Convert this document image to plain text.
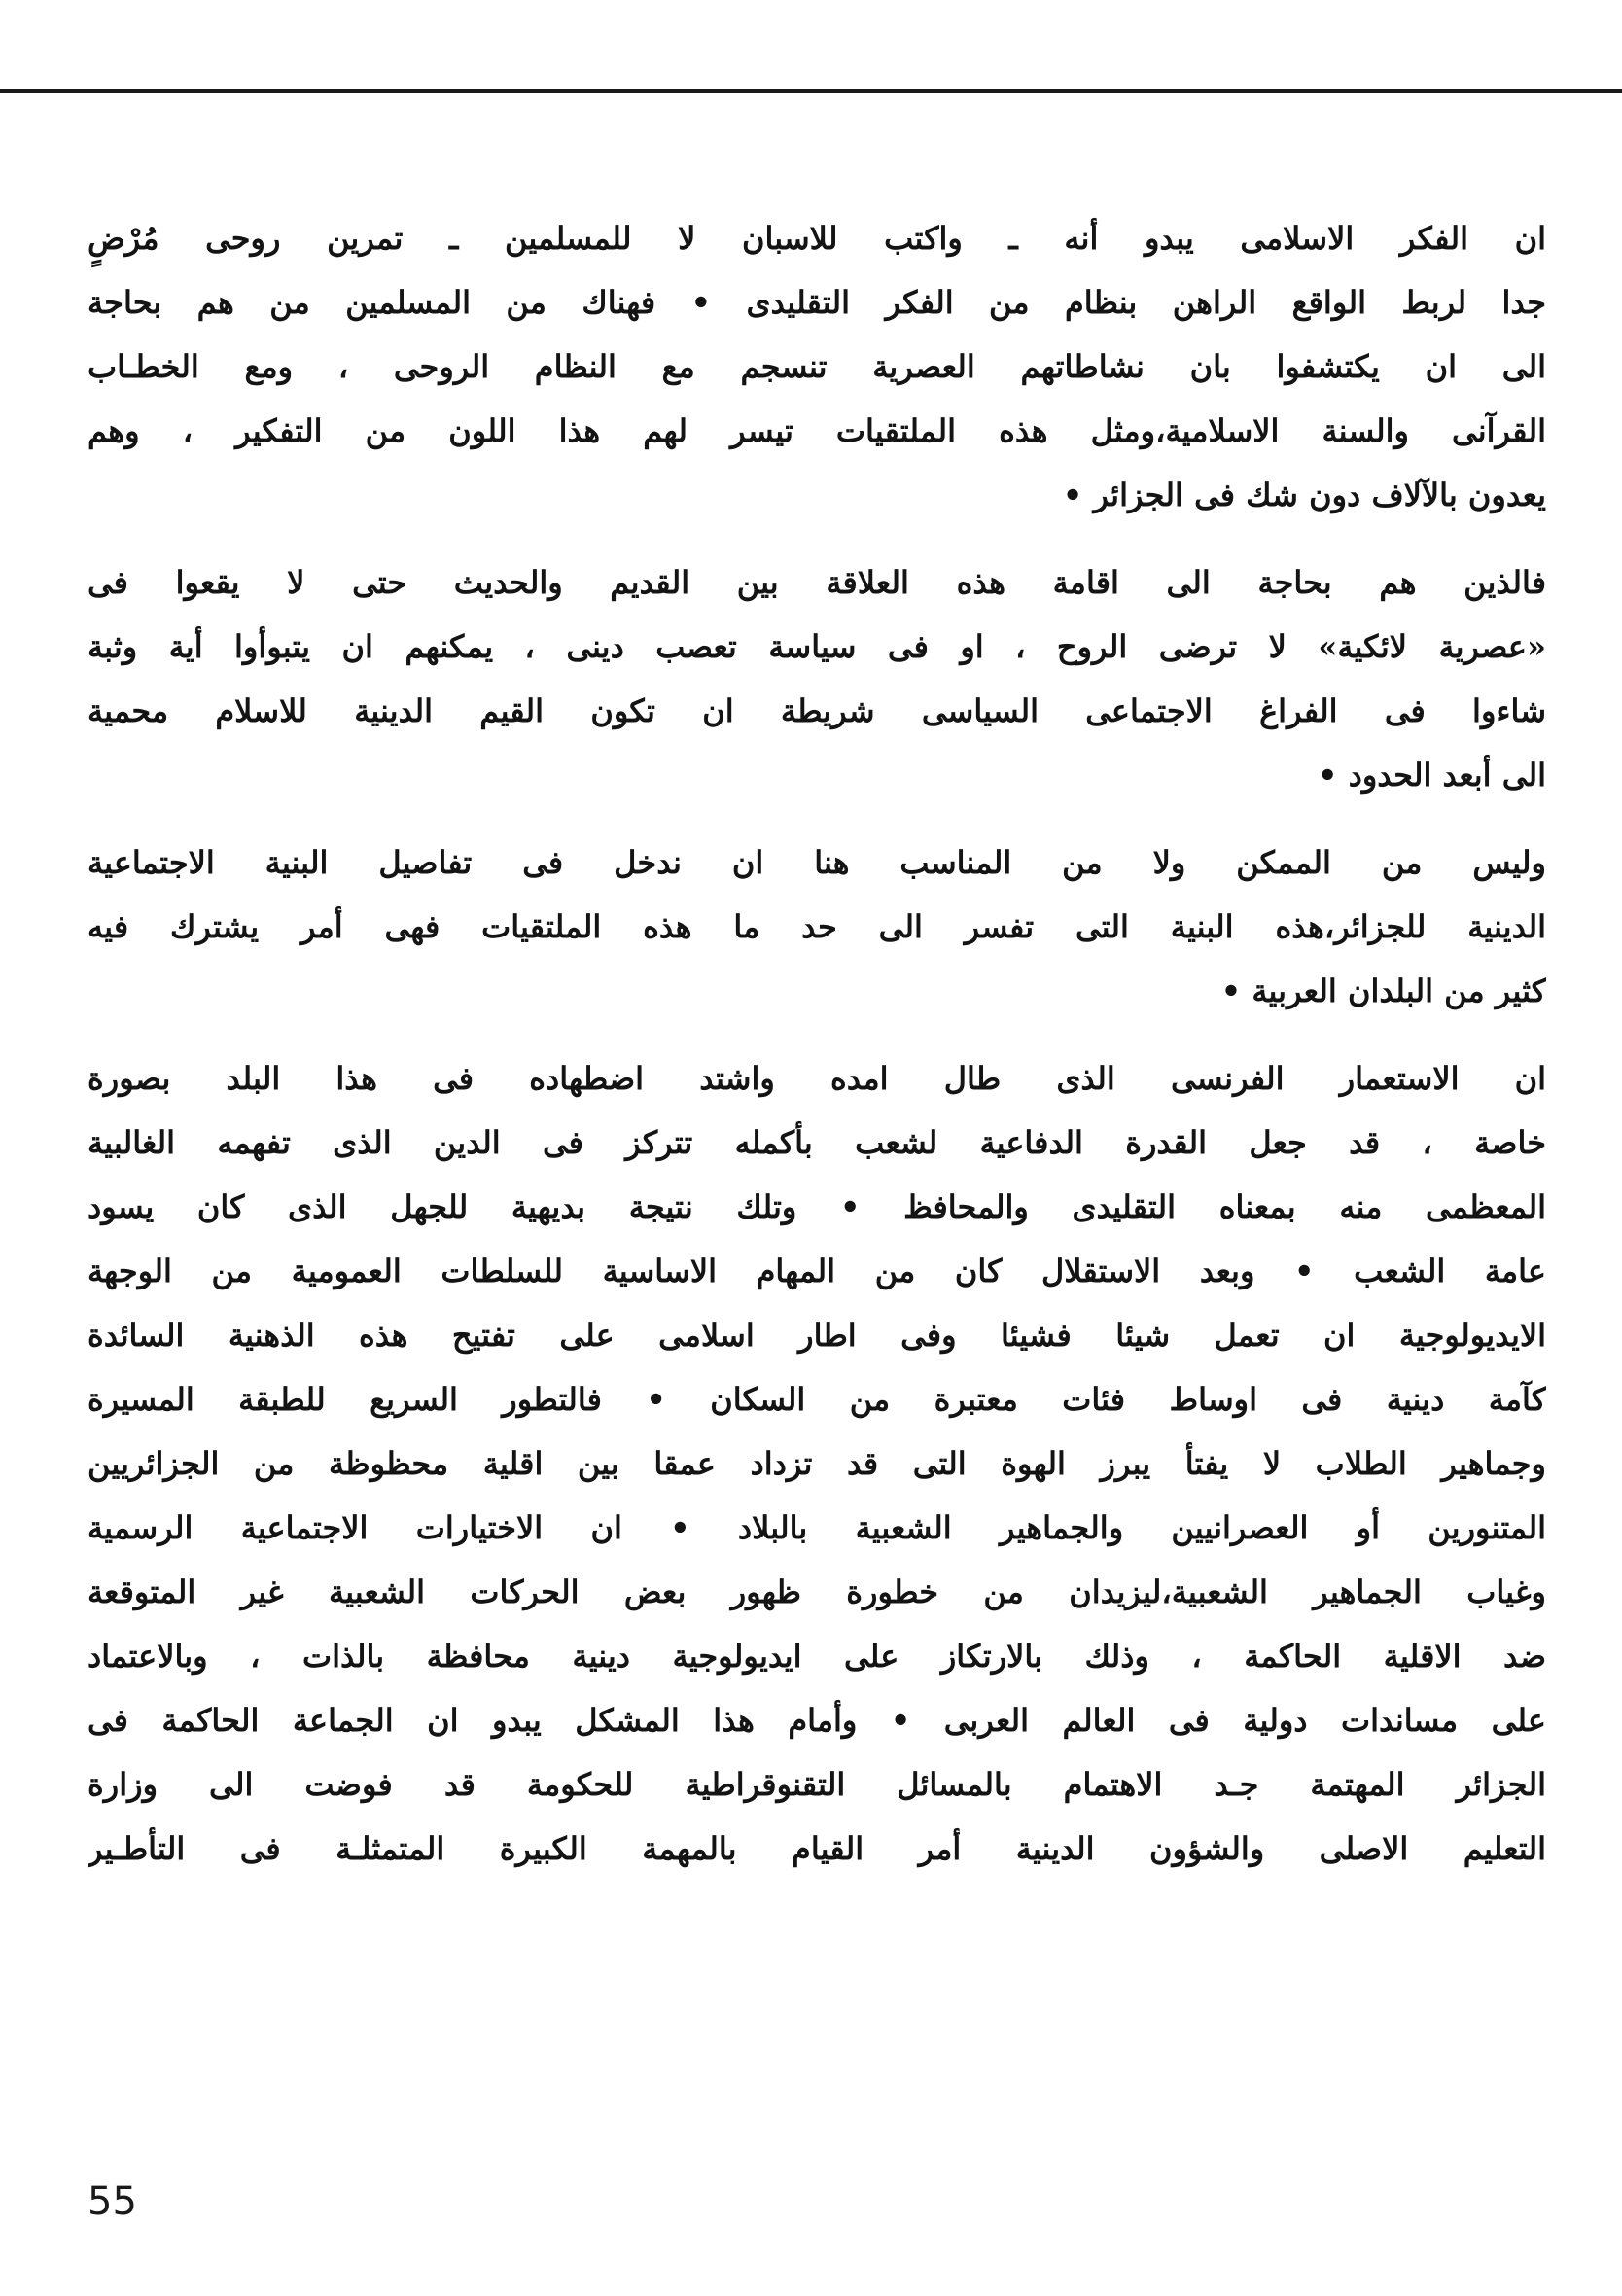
ان الفكر الاسلامى يبدو أنه ـ واكتب للاسبان لا للمسلمين ـ تمرين روحى مُرْضٍ
جدا لربط الواقع الراهن بنظام من الفكر التقليدى • فهناك من المسلمين من هم بحاجة
الى ان يكتشفوا بان نشاطاتهم العصرية تنسجم مع النظام الروحى ، ومع الخطـاب
القرآنى والسنة الاسلامية،ومثل هذه الملتقيات تيسر لهم هذا اللون من التفكير ، وهم
يعدون بالآلاف دون شك فى الجزائر •
فالذين هم بحاجة الى اقامة هذه العلاقة بين القديم والحديث حتى لا يقعوا فى
«عصرية لائكية» لا ترضى الروح ، او فى سياسة تعصب دينى ، يمكنهم ان يتبوأوا أية وثبة
شاءوا فى الفراغ الاجتماعى السياسى شريطة ان تكون القيم الدينية للاسلام محمية
الى أبعد الحدود •
وليس من الممكن ولا من المناسب هنا ان ندخل فى تفاصيل البنية الاجتماعية
الدينية للجزائر،هذه البنية التى تفسر الى حد ما هذه الملتقيات فهى أمر يشترك فيه
كثير من البلدان العربية •
ان الاستعمار الفرنسى الذى طال امده واشتد اضطهاده فى هذا البلد بصورة
خاصة ، قد جعل القدرة الدفاعية لشعب بأكمله تتركز فى الدين الذى تفهمه الغالبية
المعظمى منه بمعناه التقليدى والمحافظ • وتلك نتيجة بديهية للجهل الذى كان يسود
عامة الشعب • وبعد الاستقلال كان من المهام الاساسية للسلطات العمومية من الوجهة
الايديولوجية ان تعمل شيئا فشيئا وفى اطار اسلامى على تفتيح هذه الذهنية السائدة
كآمة دينية فى اوساط فئات معتبرة من السكان • فالتطور السريع للطبقة المسيرة
وجماهير الطلاب لا يفتأ يبرز الهوة التى قد تزداد عمقا بين اقلية محظوظة من الجزائريين
المتنورين أو العصرانيين والجماهير الشعبية بالبلاد • ان الاختيارات الاجتماعية الرسمية
وغياب الجماهير الشعبية،ليزيدان من خطورة ظهور بعض الحركات الشعبية غير المتوقعة
ضد الاقلية الحاكمة ، وذلك بالارتكاز على ايديولوجية دينية محافظة بالذات ، وبالاعتماد
على مساندات دولية فى العالم العربى • وأمام هذا المشكل يبدو ان الجماعة الحاكمة فى
الجزائر المهتمة جـد الاهتمام بالمسائل التقنوقراطية للحكومة قد فوضت الى وزارة
التعليم الاصلى والشؤون الدينية أمر القيام بالمهمة الكبيرة المتمثلـة فى التأطـير
55
